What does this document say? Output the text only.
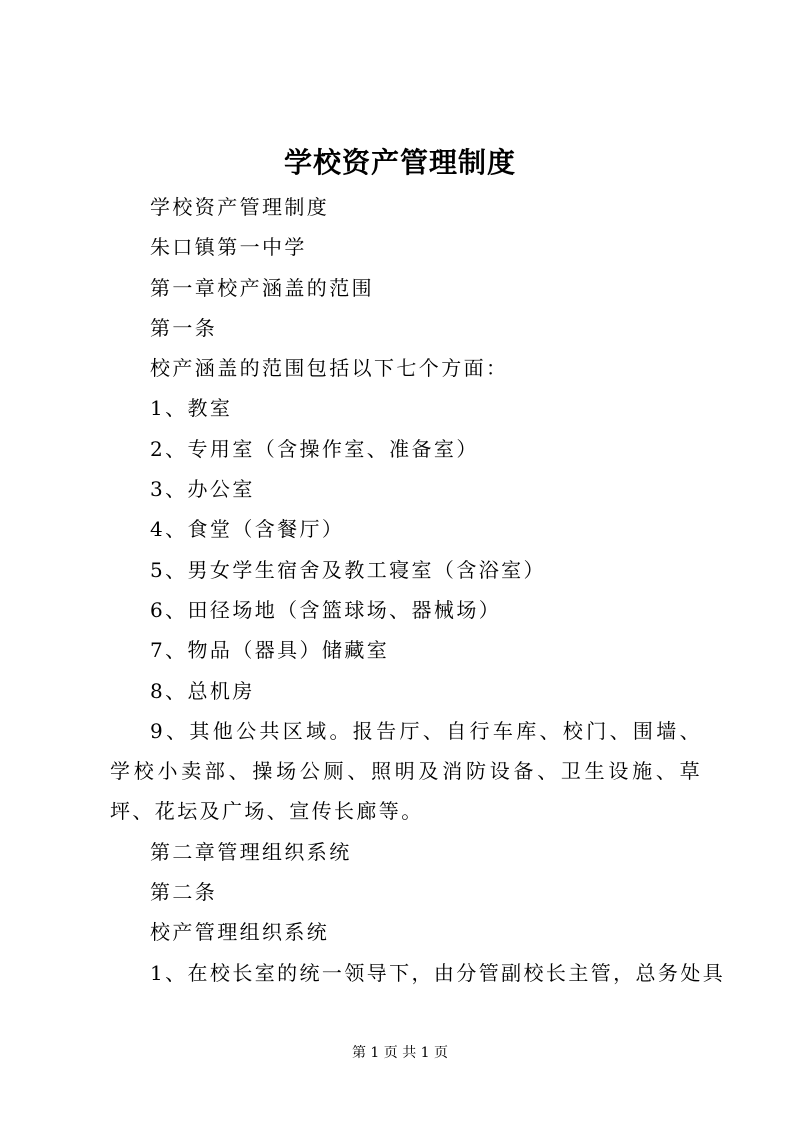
学校资产管理制度

学校资产管理制度

朱口镇第一中学

第一章校产涵盖的范围

第一条

校产涵盖的范围包括以下七个方面：

1、教室

2、专用室（含操作室、准备室）

3、办公室

4、食堂（含餐厅）

5、男女学生宿舍及教工寝室（含浴室）

6、田径场地（含篮球场、器械场）

7、物品（器具）储藏室

8、总机房

9、其他公共区域。报告厅、自行车库、校门、围墙、学校小卖部、操场公厕、照明及消防设备、卫生设施、草坪、花坛及广场、宣传长廊等。

第二章管理组织系统

第二条

校产管理组织系统

1、在校长室的统一领导下，由分管副校长主管，总务处具

第 1 页 共 1 页
